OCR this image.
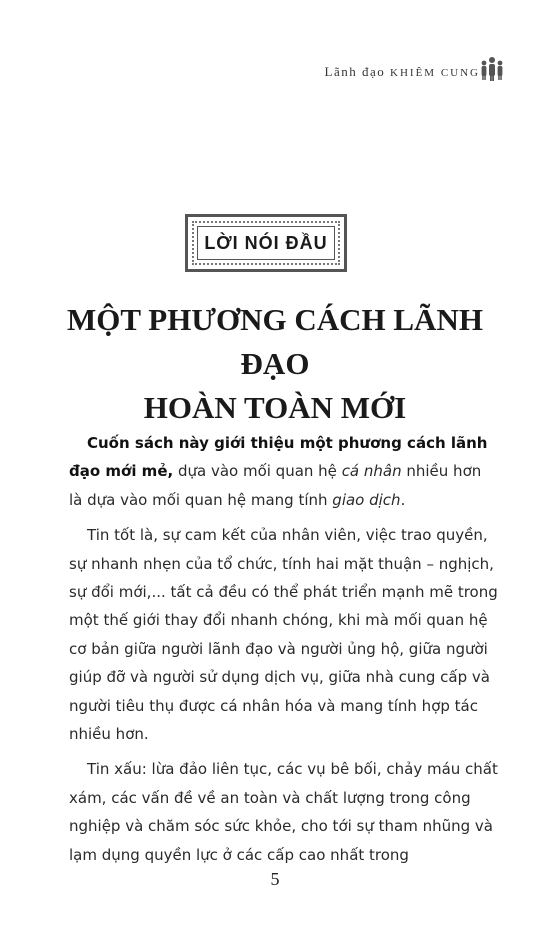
Lãnh đạo KHIÊM CUNG
LỜI NÓI ĐẦU
MỘT PHƯƠNG CÁCH LÃNH ĐẠO
HOÀN TOÀN MỚI

Cuốn sách này giới thiệu một phương cách lãnh đạo mới mẻ, dựa vào mối quan hệ cá nhân nhiều hơn là dựa vào mối quan hệ mang tính giao dịch.

Tin tốt là, sự cam kết của nhân viên, việc trao quyền, sự nhanh nhẹn của tổ chức, tính hai mặt thuận – nghịch, sự đổi mới,... tất cả đều có thể phát triển mạnh mẽ trong một thế giới thay đổi nhanh chóng, khi mà mối quan hệ cơ bản giữa người lãnh đạo và người ủng hộ, giữa người giúp đỡ và người sử dụng dịch vụ, giữa nhà cung cấp và người tiêu thụ được cá nhân hóa và mang tính hợp tác nhiều hơn.

Tin xấu: lừa đảo liên tục, các vụ bê bối, chảy máu chất xám, các vấn đề về an toàn và chất lượng trong công nghiệp và chăm sóc sức khỏe, cho tới sự tham nhũng và lạm dụng quyền lực ở các cấp cao nhất trong

5
